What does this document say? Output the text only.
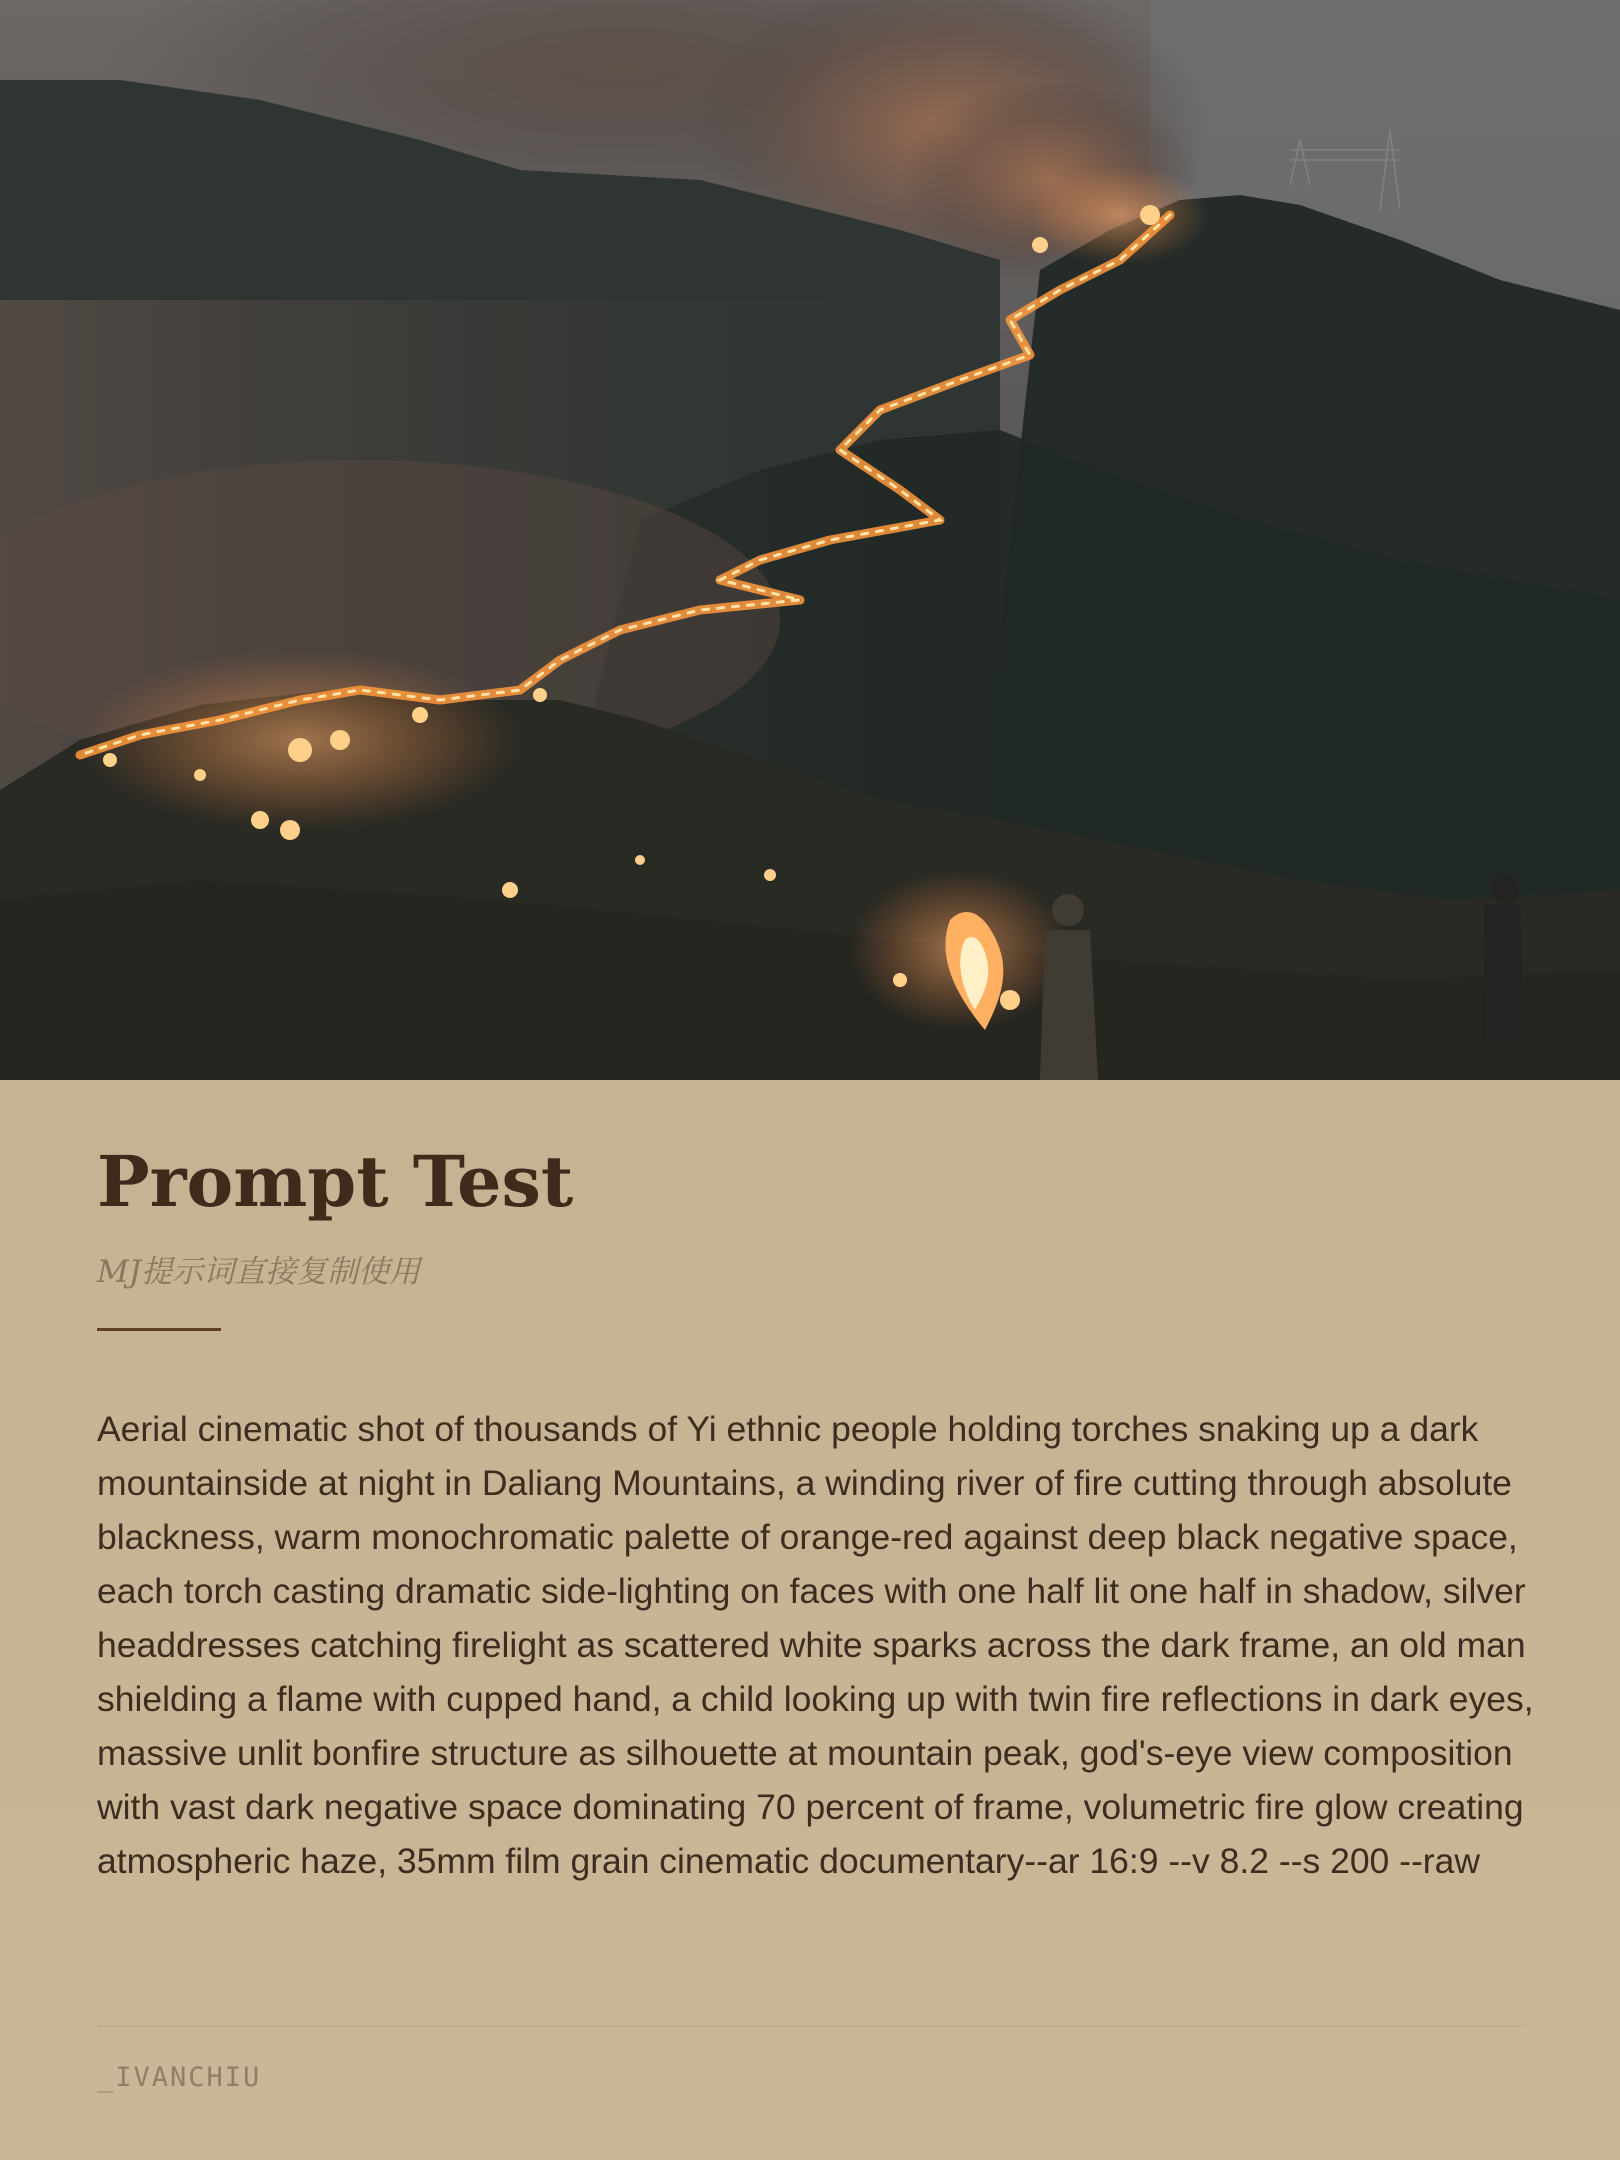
Prompt Test

MJ提示词直接复制使用

Aerial cinematic shot of thousands of Yi ethnic people holding torches snaking up a dark mountainside at night in Daliang Mountains, a winding river of fire cutting through absolute blackness, warm monochromatic palette of orange-red against deep black negative space, each torch casting dramatic side-lighting on faces with one half lit one half in shadow, silver headdresses catching firelight as scattered white sparks across the dark frame, an old man shielding a flame with cupped hand, a child looking up with twin fire reflections in dark eyes, massive unlit bonfire structure as silhouette at mountain peak, god's-eye view composition with vast dark negative space dominating 70 percent of frame, volumetric fire glow creating atmospheric haze, 35mm film grain cinematic documentary--ar 16:9 --v 8.2 --s 200 --raw

_IVANCHIU
